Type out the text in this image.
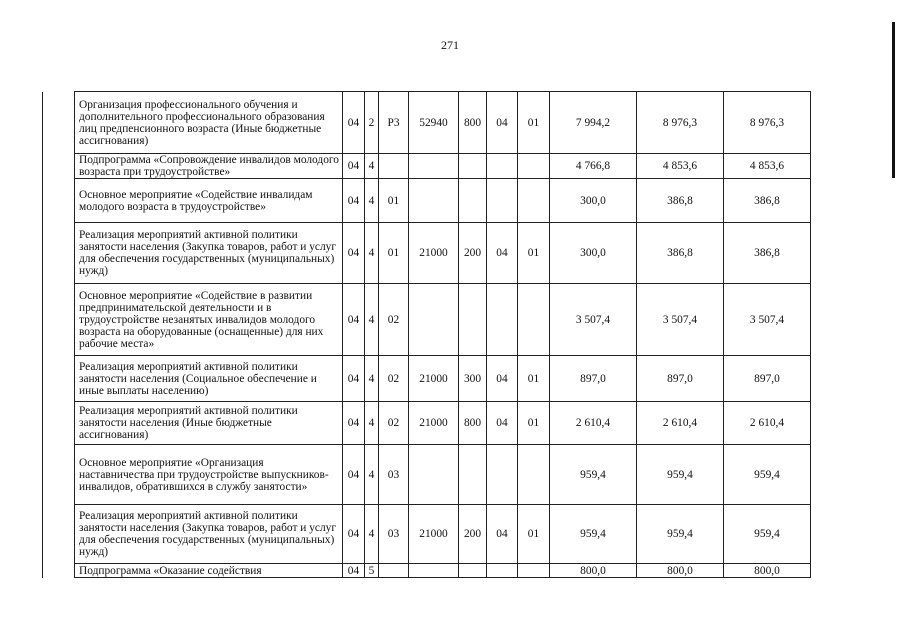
271
	Организация профессионального обучения и дополнительного профессионального образования лиц предпенсионного возраста (Иные бюджетные ассигнования)	04	2	Р3	52940	800	04	01	7 994,2	8 976,3	8 976,3
	Подпрограмма «Сопровождение инвалидов молодого возраста при трудоустройстве»	04	4						4 766,8	4 853,6	4 853,6
	Основное мероприятие «Содействие инвалидам молодого возраста в трудоустройстве»	04	4	01					300,0	386,8	386,8
	Реализация мероприятий активной политики занятости населения (Закупка товаров, работ и услуг для обеспечения государственных (муниципальных) нужд)	04	4	01	21000	200	04	01	300,0	386,8	386,8
	Основное мероприятие «Содействие в развитии предпринимательской деятельности и в трудоустройстве незанятых инвалидов молодого возраста на оборудованные (оснащенные) для них рабочие места»	04	4	02					3 507,4	3 507,4	3 507,4
	Реализация мероприятий активной политики занятости населения (Социальное обеспечение и иные выплаты населению)	04	4	02	21000	300	04	01	897,0	897,0	897,0
	Реализация мероприятий активной политики занятости населения (Иные бюджетные ассигнования)	04	4	02	21000	800	04	01	2 610,4	2 610,4	2 610,4
	Основное мероприятие «Организация наставничества при трудоустройстве выпускников-инвалидов, обратившихся в службу занятости»	04	4	03					959,4	959,4	959,4
	Реализация мероприятий активной политики занятости населения (Закупка товаров, работ и услуг для обеспечения государственных (муниципальных) нужд)	04	4	03	21000	200	04	01	959,4	959,4	959,4
	Подпрограмма «Оказание содействия	04	5						800,0	800,0	800,0
